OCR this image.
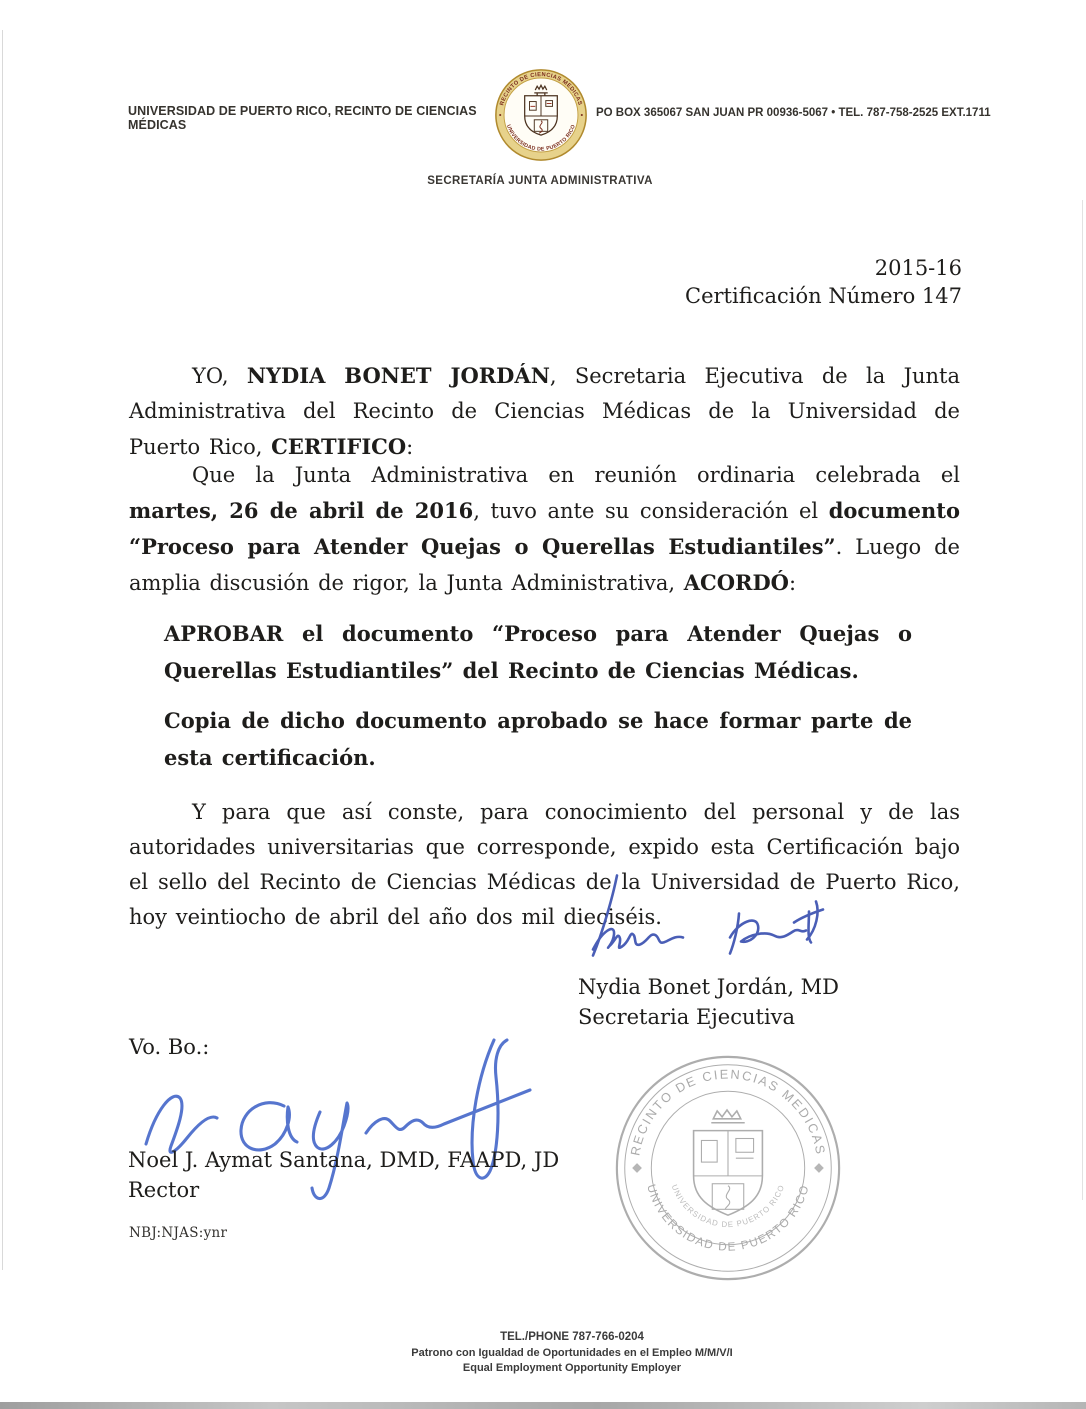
UNIVERSIDAD DE PUERTO RICO, RECINTO DE CIENCIAS MÉDICAS
RECINTO DE CIENCIAS MEDICAS
UNIVERSIDAD DE PUERTO RICO
PO BOX 365067 SAN JUAN PR 00936-5067 • TEL. 787-758-2525 EXT.1711
SECRETARÍA JUNTA ADMINISTRATIVA
2015-16
Certificación Número 147

YO, NYDIA BONET JORDÁN, Secretaria Ejecutiva de la Junta Administrativa del Recinto de Ciencias Médicas de la Universidad de Puerto Rico, CERTIFICO:

Que la Junta Administrativa en reunión ordinaria celebrada el martes, 26 de abril de 2016, tuvo ante su consideración el documento “Proceso para Atender Quejas o Querellas Estudiantiles”. Luego de amplia discusión de rigor, la Junta Administrativa, ACORDÓ:

APROBAR el documento “Proceso para Atender Quejas o Querellas Estudiantiles” del Recinto de Ciencias Médicas.

Copia de dicho documento aprobado se hace formar parte de esta certificación.

Y para que así conste, para conocimiento del personal y de las autoridades universitarias que corresponde, expido esta Certificación bajo el sello del Recinto de Ciencias Médicas de la Universidad de Puerto Rico, hoy veintiocho de abril del año dos mil dieciséis.

Nydia Bonet Jordán, MD
Secretaria Ejecutiva
Vo. Bo.:
Noel J. Aymat Santana, DMD, FAAPD, JD
Rector
NBJ:NJAS:ynr
RECINTO DE CIENCIAS MEDICAS
UNIVERSIDAD DE PUERTO RICO
UNIVERSIDAD DE PUERTO RICO
TEL./PHONE 787-766-0204
Patrono con Igualdad de Oportunidades en el Empleo M/M/V/I
Equal Employment Opportunity Employer
